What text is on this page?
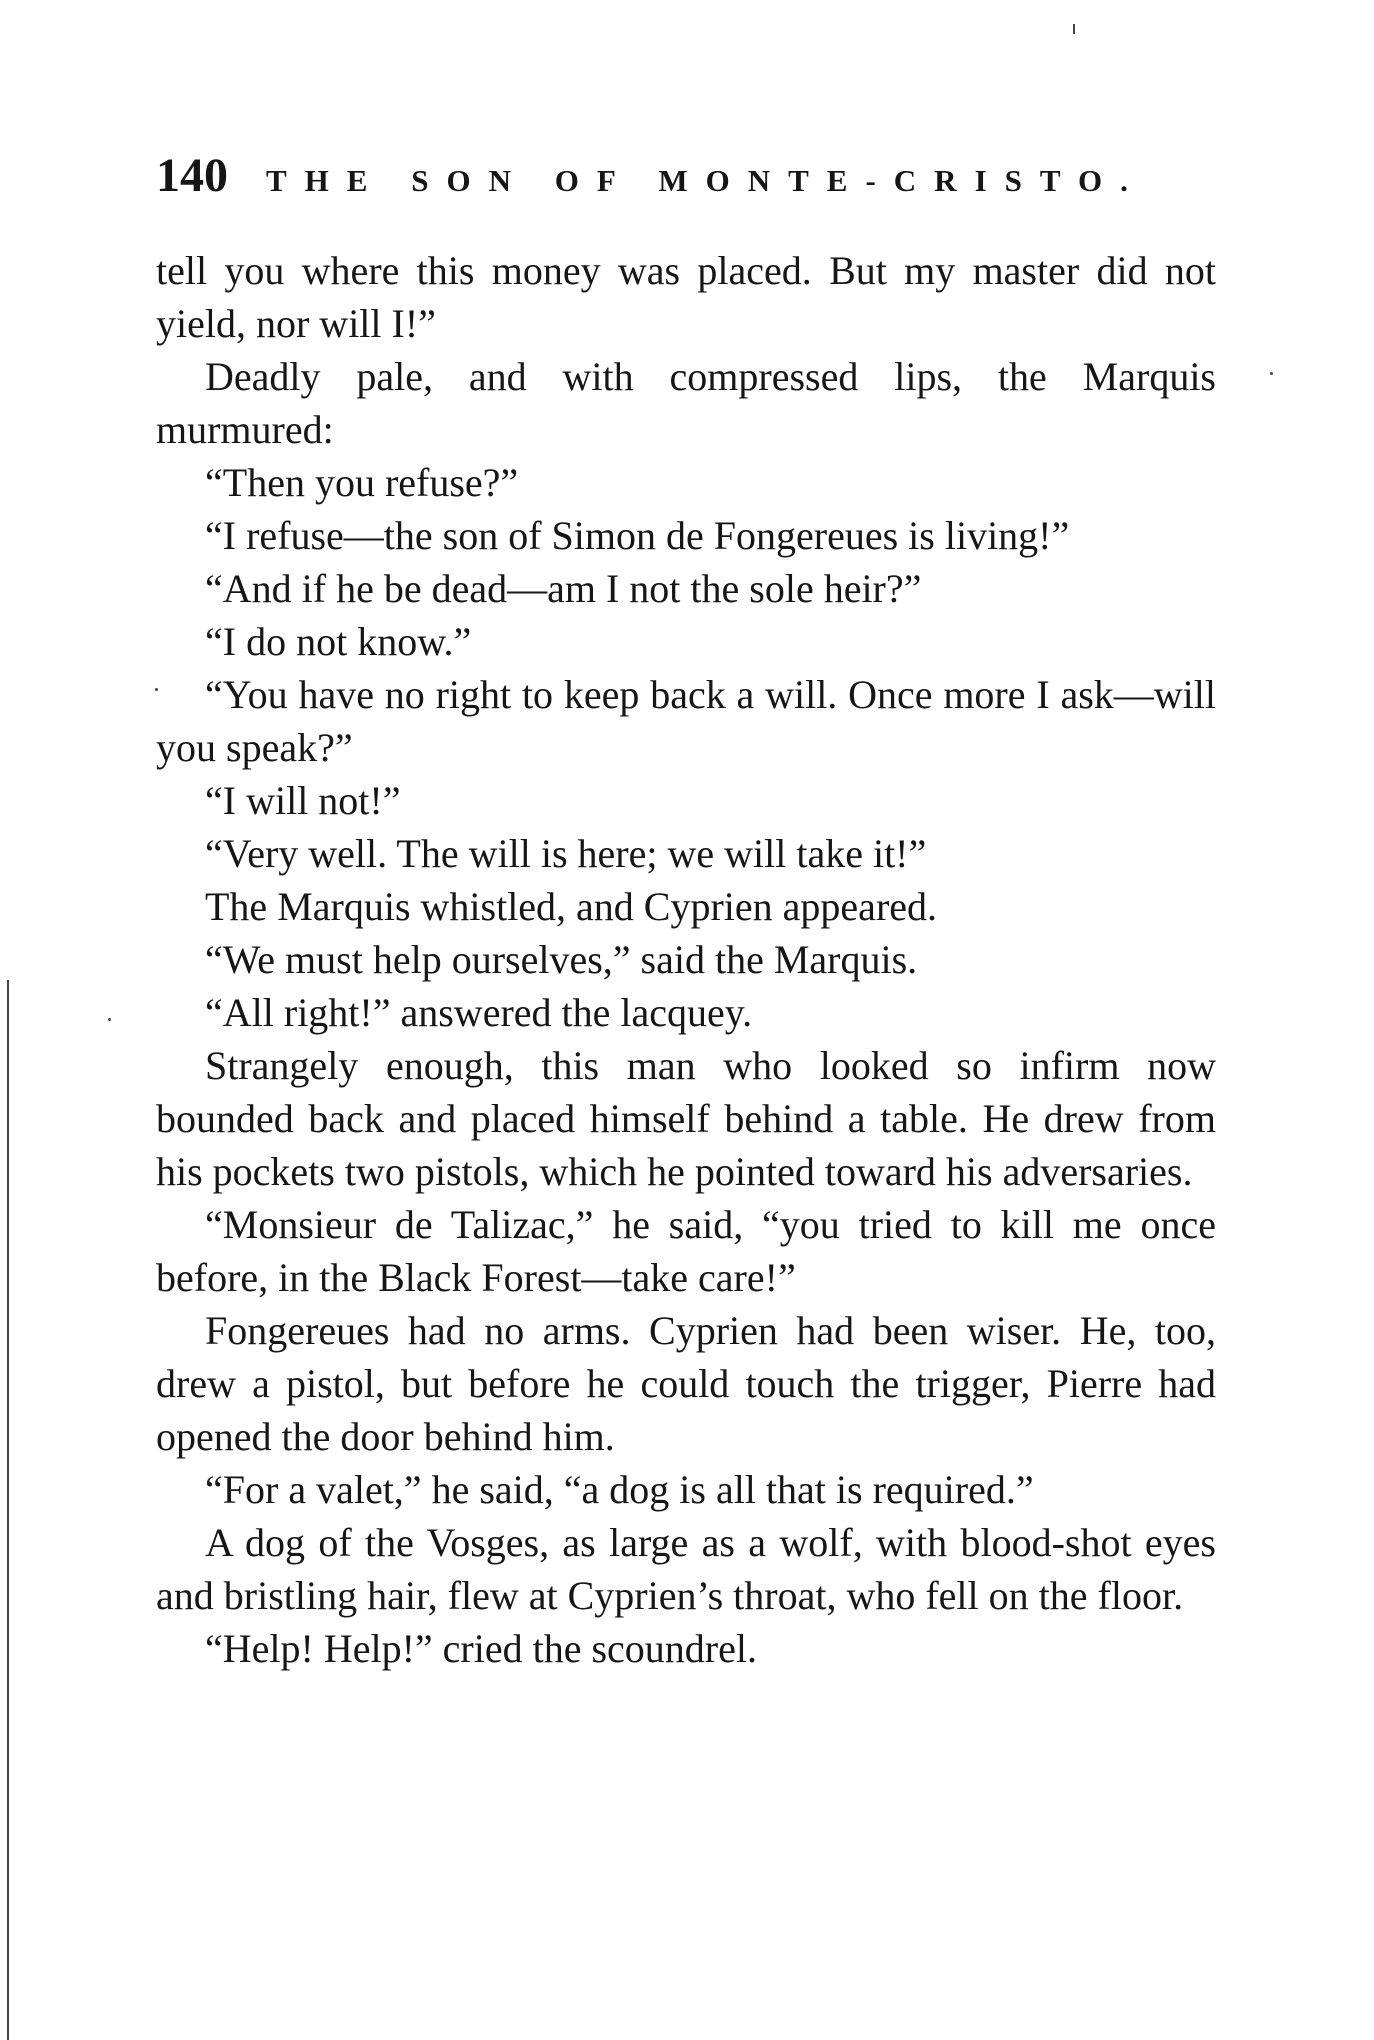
140 THE SON OF MONTE-CRISTO.

tell you where this money was placed. But my master did not yield, nor will I!”

Deadly pale, and with compressed lips, the Marquis murmured:

“Then you refuse?”

“I refuse—the son of Simon de Fongereues is living!”

“And if he be dead—am I not the sole heir?”

“I do not know.”

“You have no right to keep back a will. Once more I ask—will you speak?”

“I will not!”

“Very well. The will is here; we will take it!”

The Marquis whistled, and Cyprien appeared.

“We must help ourselves,” said the Marquis.

“All right!” answered the lacquey.

Strangely enough, this man who looked so infirm now bounded back and placed himself behind a table. He drew from his pockets two pistols, which he pointed toward his adversaries.

“Monsieur de Talizac,” he said, “you tried to kill me once before, in the Black Forest—take care!”

Fongereues had no arms. Cyprien had been wiser. He, too, drew a pistol, but before he could touch the trigger, Pierre had opened the door behind him.

“For a valet,” he said, “a dog is all that is required.”

A dog of the Vosges, as large as a wolf, with blood-shot eyes and bristling hair, flew at Cyprien’s throat, who fell on the floor.

“Help! Help!” cried the scoundrel.
